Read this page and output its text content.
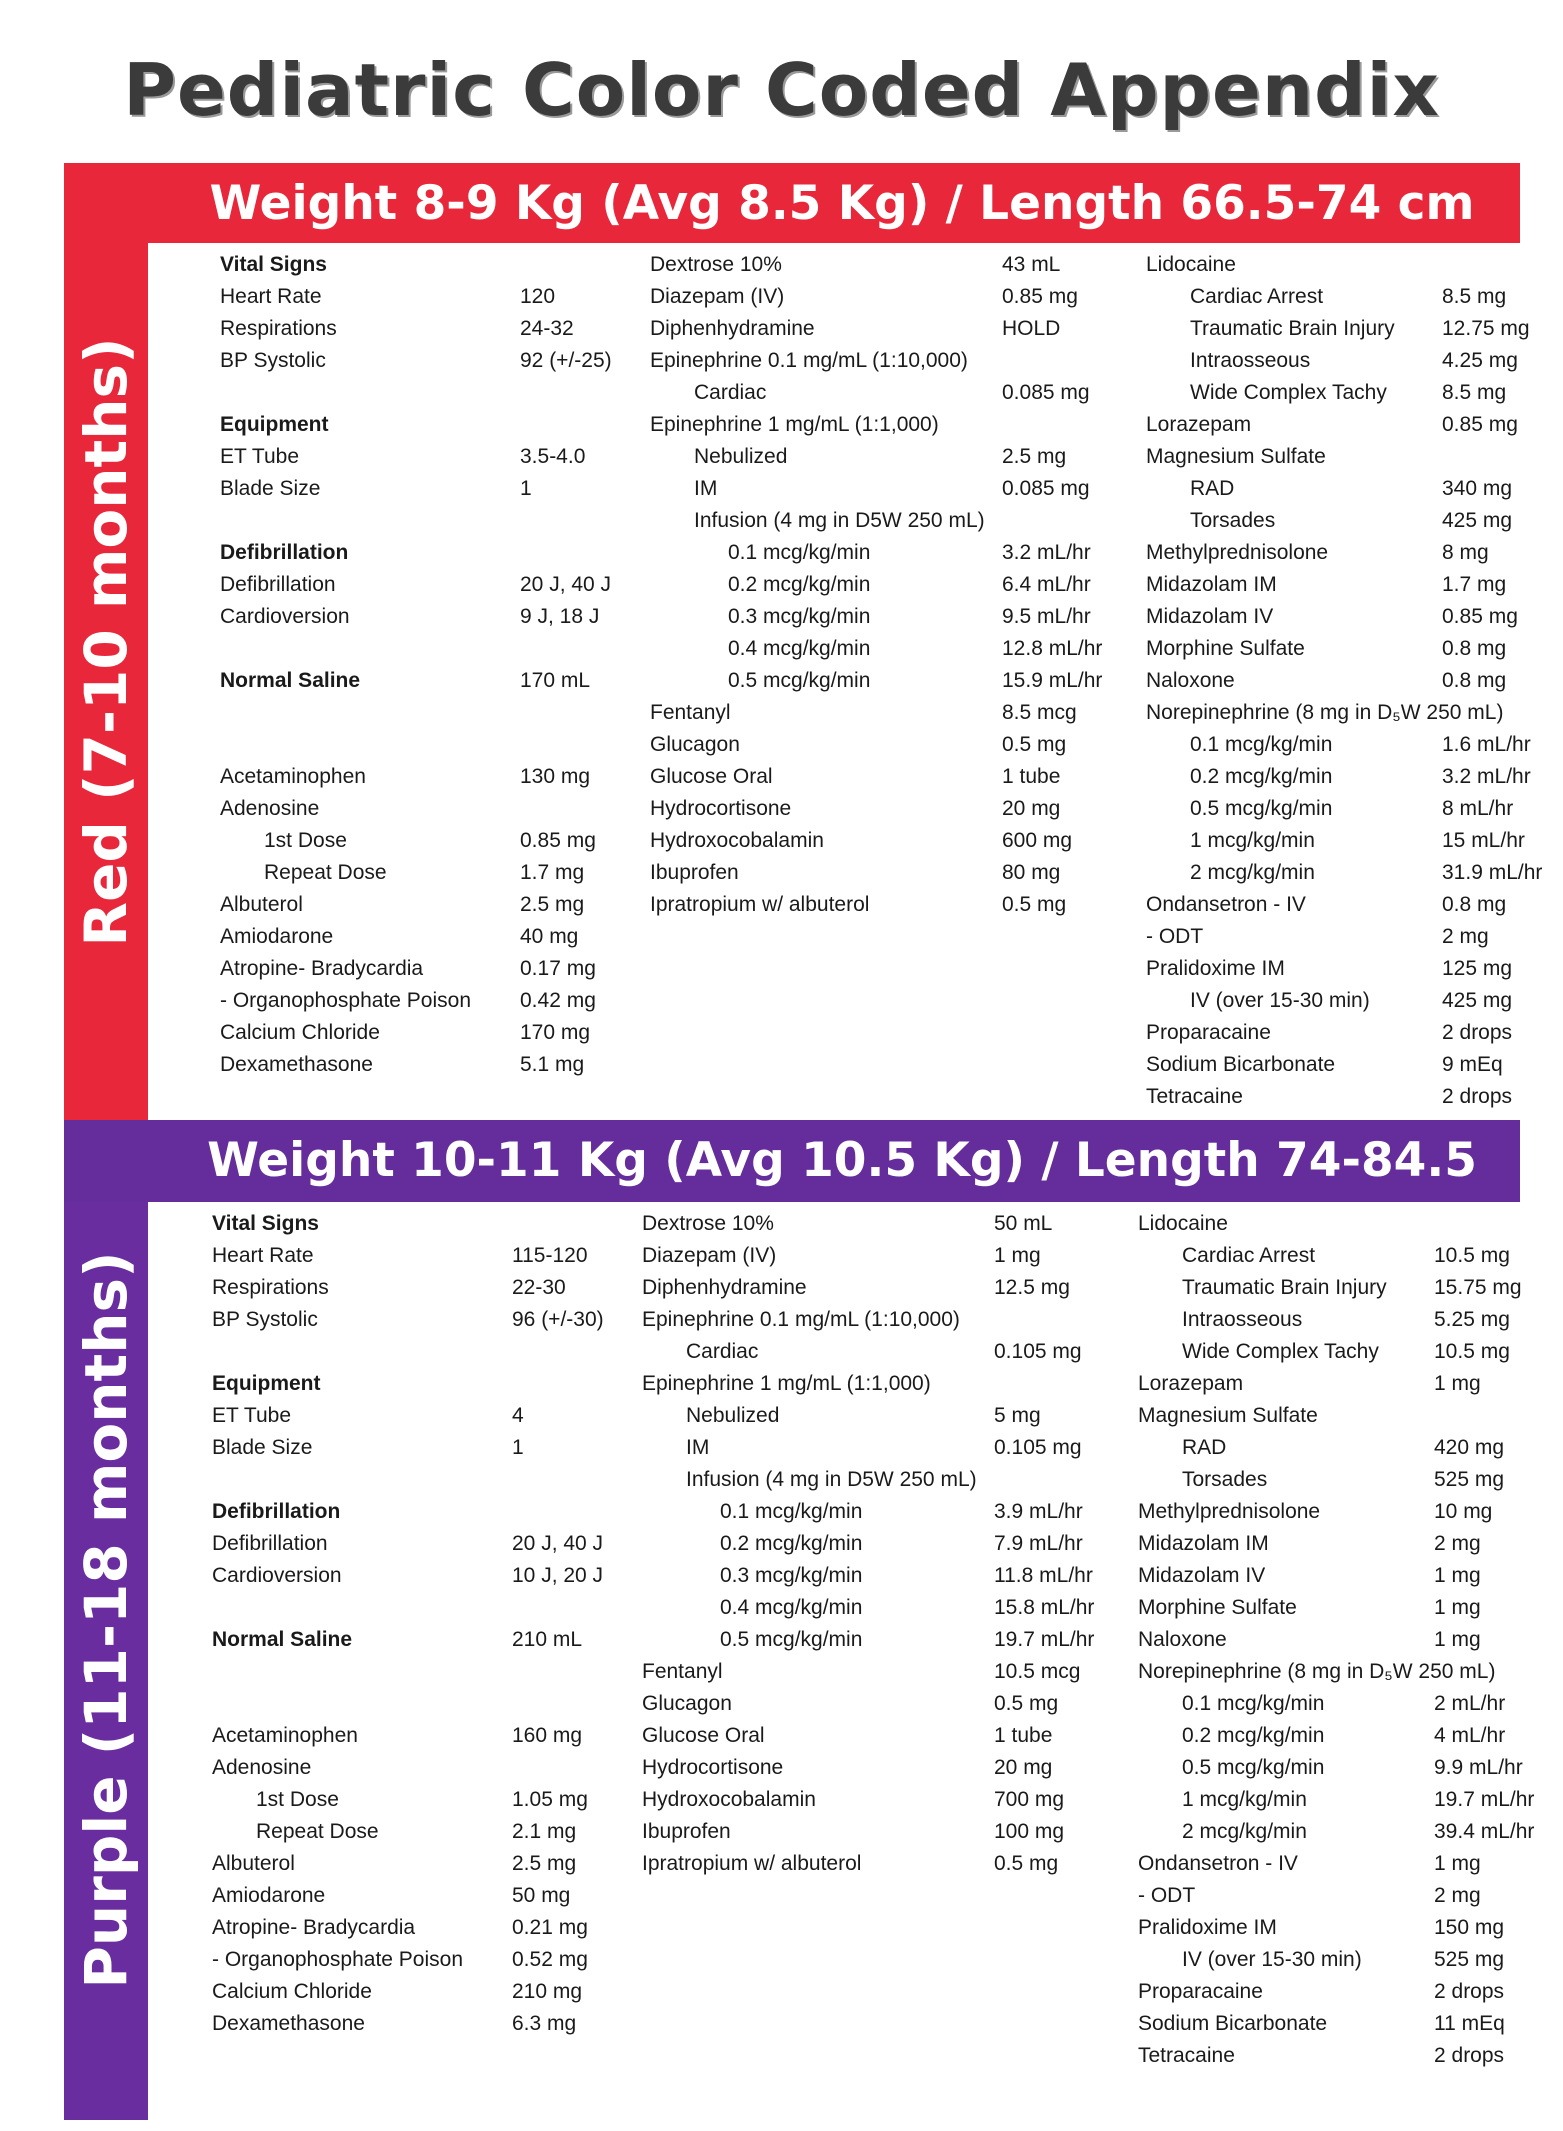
Pediatric Color Coded Appendix
Red (7-10 months)
Weight 8-9 Kg (Avg 8.5 Kg) / Length 66.5-74 cm
Vital Signs
Heart Rate	120
Respirations	24-32
BP Systolic	92 (+/-25)
Equipment
ET Tube	3.5-4.0
Blade Size	1
Defibrillation
Defibrillation	20 J, 40 J
Cardioversion	9 J, 18 J
Normal Saline	170 mL
Acetaminophen	130 mg
Adenosine
1st Dose	0.85 mg
Repeat Dose	1.7 mg
Albuterol	2.5 mg
Amiodarone	40 mg
Atropine- Bradycardia	0.17 mg
- Organophosphate Poison 0.42 mg
Calcium Chloride	170 mg
Dexamethasone	5.1 mg
Dextrose 10%	43 mL
Diazepam (IV)	0.85 mg
Diphenhydramine	HOLD
Epinephrine 0.1 mg/mL (1:10,000)
Cardiac	0.085 mg
Epinephrine 1 mg/mL (1:1,000)
Nebulized	2.5 mg
IM	0.085 mg
Infusion (4 mg in D5W 250 mL)
0.1 mcg/kg/min	3.2 mL/hr
0.2 mcg/kg/min	6.4 mL/hr
0.3 mcg/kg/min	9.5 mL/hr
0.4 mcg/kg/min	12.8 mL/hr
0.5 mcg/kg/min	15.9 mL/hr
Fentanyl	8.5 mcg
Glucagon	0.5 mg
Glucose Oral	1 tube
Hydrocortisone	20 mg
Hydroxocobalamin	600 mg
Ibuprofen	80 mg
Ipratropium w/ albuterol	0.5 mg
Lidocaine
Cardiac Arrest	8.5 mg
Traumatic Brain Injury 12.75 mg
Intraosseous	4.25 mg
Wide Complex Tachy	8.5 mg
Lorazepam	0.85 mg
Magnesium Sulfate
RAD	340 mg
Torsades	425 mg
Methylprednisolone	8 mg
Midazolam IM	1.7 mg
Midazolam IV	0.85 mg
Morphine Sulfate	0.8 mg
Naloxone	0.8 mg
Norepinephrine (8 mg in D₅W 250 mL)
0.1 mcg/kg/min	1.6 mL/hr
0.2 mcg/kg/min	3.2 mL/hr
0.5 mcg/kg/min	8 mL/hr
1 mcg/kg/min	15 mL/hr
2 mcg/kg/min	31.9 mL/hr
Ondansetron - IV	0.8 mg
- ODT	2 mg
Pralidoxime IM	125 mg
IV (over 15-30 min)	425 mg
Proparacaine	2 drops
Sodium Bicarbonate	9 mEq
Tetracaine	2 drops
Purple (11-18 months)
Weight 10-11 Kg (Avg 10.5 Kg) / Length 74-84.5
Vital Signs
Heart Rate	115-120
Respirations	22-30
BP Systolic	96 (+/-30)
Equipment
ET Tube	4
Blade Size	1
Defibrillation
Defibrillation	20 J, 40 J
Cardioversion	10 J, 20 J
Normal Saline	210 mL
Acetaminophen	160 mg
Adenosine
1st Dose	1.05 mg
Repeat Dose	2.1 mg
Albuterol	2.5 mg
Amiodarone	50 mg
Atropine- Bradycardia	0.21 mg
- Organophosphate Poison 0.52 mg
Calcium Chloride	210 mg
Dexamethasone	6.3 mg
Dextrose 10%	50 mL
Diazepam (IV)	1 mg
Diphenhydramine	12.5 mg
Epinephrine 0.1 mg/mL (1:10,000)
Cardiac	0.105 mg
Epinephrine 1 mg/mL (1:1,000)
Nebulized	5 mg
IM	0.105 mg
Infusion (4 mg in D5W 250 mL)
0.1 mcg/kg/min	3.9 mL/hr
0.2 mcg/kg/min	7.9 mL/hr
0.3 mcg/kg/min	11.8 mL/hr
0.4 mcg/kg/min	15.8 mL/hr
0.5 mcg/kg/min	19.7 mL/hr
Fentanyl	10.5 mcg
Glucagon	0.5 mg
Glucose Oral	1 tube
Hydrocortisone	20 mg
Hydroxocobalamin	700 mg
Ibuprofen	100 mg
Ipratropium w/ albuterol	0.5 mg
Lidocaine
Cardiac Arrest	10.5 mg
Traumatic Brain Injury 15.75 mg
Intraosseous	5.25 mg
Wide Complex Tachy	10.5 mg
Lorazepam	1 mg
Magnesium Sulfate
RAD	420 mg
Torsades	525 mg
Methylprednisolone	10 mg
Midazolam IM	2 mg
Midazolam IV	1 mg
Morphine Sulfate	1 mg
Naloxone	1 mg
Norepinephrine (8 mg in D₅W 250 mL)
0.1 mcg/kg/min	2 mL/hr
0.2 mcg/kg/min	4 mL/hr
0.5 mcg/kg/min	9.9 mL/hr
1 mcg/kg/min	19.7 mL/hr
2 mcg/kg/min	39.4 mL/hr
Ondansetron - IV	1 mg
- ODT	2 mg
Pralidoxime IM	150 mg
IV (over 15-30 min)	525 mg
Proparacaine	2 drops
Sodium Bicarbonate	11 mEq
Tetracaine	2 drops
